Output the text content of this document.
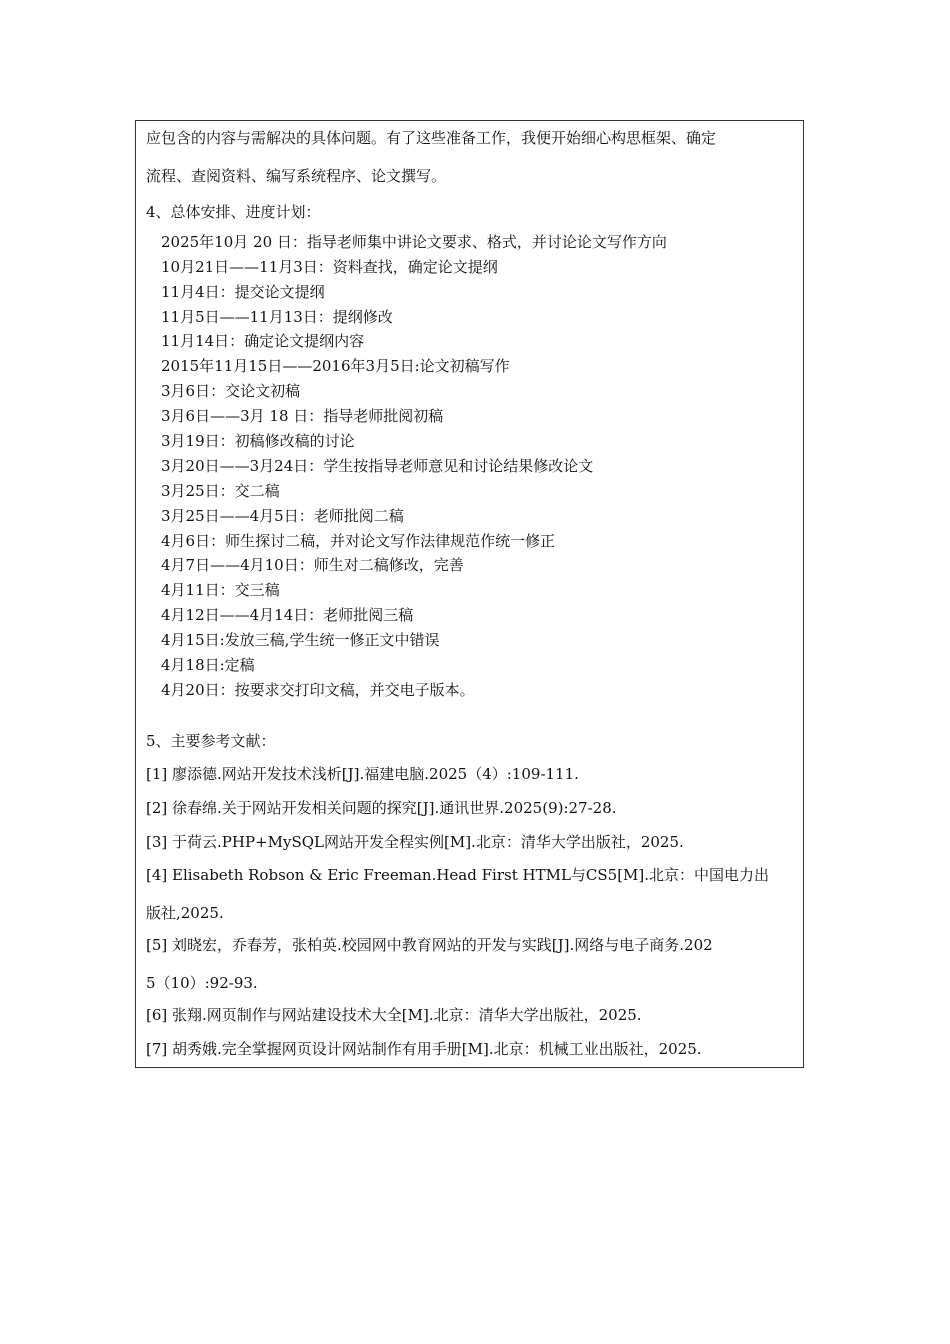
应包含的内容与需解决的具体问题。有了这些准备工作，我便开始细心构思框架、确定
流程、查阅资料、编写系统程序、论文撰写。
4、总体安排、进度计划：
2025年10月 20 日：指导老师集中讲论文要求、格式，并讨论论文写作方向
10月21日——11月3日：资料查找，确定论文提纲
11月4日：提交论文提纲
11月5日——11月13日：提纲修改
11月14日：确定论文提纲内容
2015年11月15日——2016年3月5日:论文初稿写作
3月6日：交论文初稿
3月6日——3月 18 日：指导老师批阅初稿
3月19日：初稿修改稿的讨论
3月20日——3月24日：学生按指导老师意见和讨论结果修改论文
3月25日：交二稿
3月25日——4月5日：老师批阅二稿
4月6日：师生探讨二稿，并对论文写作法律规范作统一修正
4月7日——4月10日：师生对二稿修改，完善
4月11日：交三稿
4月12日——4月14日：老师批阅三稿
4月15日:发放三稿,学生统一修正文中错误
4月18日:定稿
4月20日：按要求交打印文稿，并交电子版本。
5、主要参考文献：
[1] 廖添德.网站开发技术浅析[J].福建电脑.2025（4）:109-111.
[2] 徐春绵.关于网站开发相关问题的探究[J].通讯世界.2025(9):27-28.
[3] 于荷云.PHP+MySQL网站开发全程实例[M].北京：清华大学出版社，2025.
[4] Elisabeth Robson & Eric Freeman.Head First HTML与CS5[M].北京：中国电力出
版社,2025.
[5] 刘晓宏，乔春芳，张柏英.校园网中教育网站的开发与实践[J].网络与电子商务.202
5（10）:92-93.
[6] 张翔.网页制作与网站建设技术大全[M].北京：清华大学出版社，2025.
[7] 胡秀娥.完全掌握网页设计网站制作有用手册[M].北京：机械工业出版社，2025.
